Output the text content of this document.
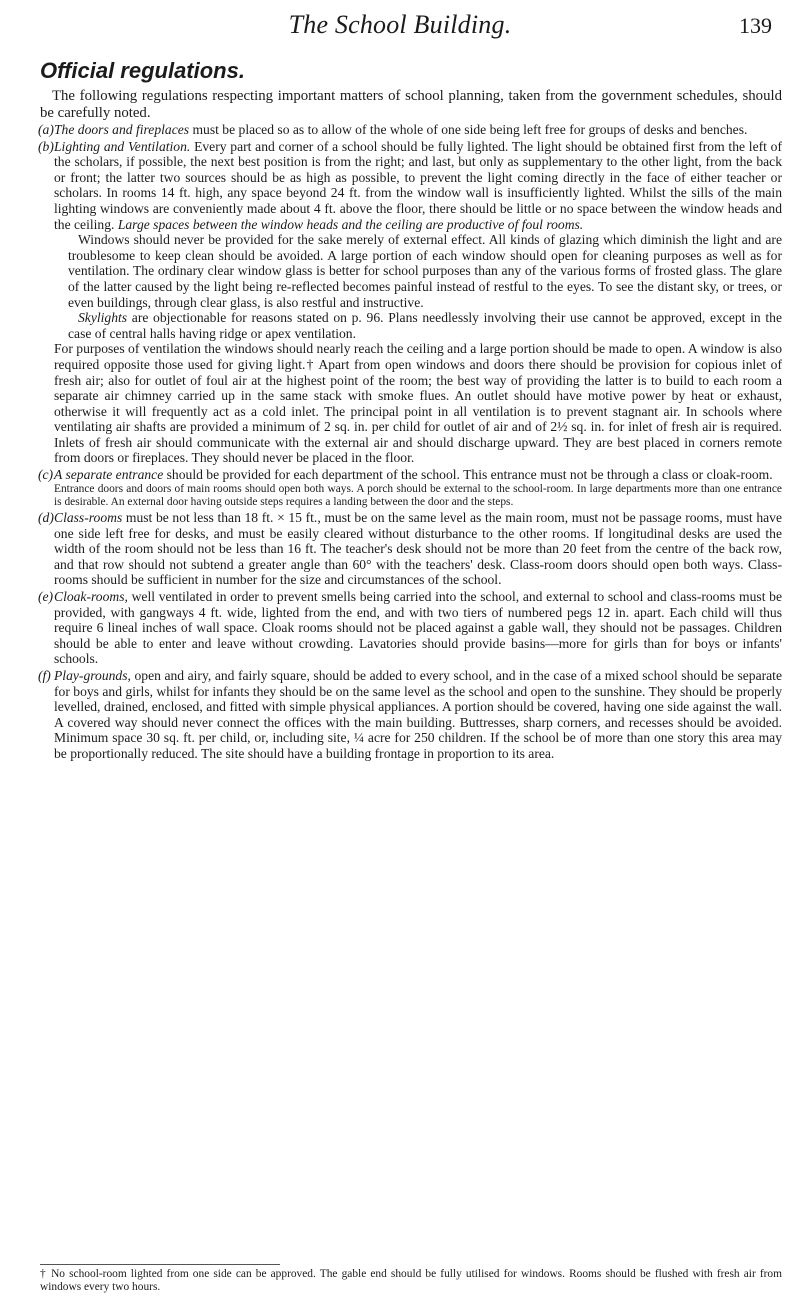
The School Building.	139
Official regulations.

The following regulations respecting important matters of school planning, taken from the government schedules, should be carefully noted.

(a) The doors and fireplaces must be placed so as to allow of the whole of one side being left free for groups of desks and benches.

(b) Lighting and Ventilation. Every part and corner of a school should be fully lighted. The light should be obtained first from the left of the scholars, if possible, the next best position is from the right; and last, but only as supplementary to the other light, from the back or front; the latter two sources should be as high as possible, to prevent the light coming directly in the face of either teacher or scholars. In rooms 14 ft. high, any space beyond 24 ft. from the window wall is insufficiently lighted. Whilst the sills of the main lighting windows are conveniently made about 4 ft. above the floor, there should be little or no space between the window heads and the ceiling. Large spaces between the window heads and the ceiling are productive of foul rooms.

Windows should never be provided for the sake merely of external effect. All kinds of glazing which diminish the light and are troublesome to keep clean should be avoided. A large portion of each window should open for cleaning purposes as well as for ventilation. The ordinary clear window glass is better for school purposes than any of the various forms of frosted glass. The glare of the latter caused by the light being re-reflected becomes painful instead of restful to the eyes. To see the distant sky, or trees, or even buildings, through clear glass, is also restful and instructive.

Skylights are objectionable for reasons stated on p. 96. Plans needlessly involving their use cannot be approved, except in the case of central halls having ridge or apex ventilation.

For purposes of ventilation the windows should nearly reach the ceiling and a large portion should be made to open. A window is also required opposite those used for giving light.† Apart from open windows and doors there should be provision for copious inlet of fresh air; also for outlet of foul air at the highest point of the room; the best way of providing the latter is to build to each room a separate air chimney carried up in the same stack with smoke flues. An outlet should have motive power by heat or exhaust, otherwise it will frequently act as a cold inlet. The principal point in all ventilation is to prevent stagnant air. In schools where ventilating air shafts are provided a minimum of 2 sq. in. per child for outlet of air and of 2½ sq. in. for inlet of fresh air is required. Inlets of fresh air should communicate with the external air and should discharge upward. They are best placed in corners remote from doors or fireplaces. They should never be placed in the floor.

(c) A separate entrance should be provided for each department of the school. This entrance must not be through a class or cloak-room.

Entrance doors and doors of main rooms should open both ways. A porch should be external to the school-room. In large departments more than one entrance is desirable. An external door having outside steps requires a landing between the door and the steps.

(d) Class-rooms must be not less than 18 ft. × 15 ft., must be on the same level as the main room, must not be passage rooms, must have one side left free for desks, and must be easily cleared without disturbance to the other rooms. If longitudinal desks are used the width of the room should not be less than 16 ft. The teacher's desk should not be more than 20 feet from the centre of the back row, and that row should not subtend a greater angle than 60° with the teachers' desk. Class-room doors should open both ways. Class-rooms should be sufficient in number for the size and circumstances of the school.

(e) Cloak-rooms, well ventilated in order to prevent smells being carried into the school, and external to school and class-rooms must be provided, with gangways 4 ft. wide, lighted from the end, and with two tiers of numbered pegs 12 in. apart. Each child will thus require 6 lineal inches of wall space. Cloak rooms should not be placed against a gable wall, they should not be passages. Children should be able to enter and leave without crowding. Lavatories should provide basins—more for girls than for boys or infants' schools.

(f) Play-grounds, open and airy, and fairly square, should be added to every school, and in the case of a mixed school should be separate for boys and girls, whilst for infants they should be on the same level as the school and open to the sunshine. They should be properly levelled, drained, enclosed, and fitted with simple physical appliances. A portion should be covered, having one side against the wall. A covered way should never connect the offices with the main building. Buttresses, sharp corners, and recesses should be avoided. Minimum space 30 sq. ft. per child, or, including site, ¼ acre for 250 children. If the school be of more than one story this area may be proportionally reduced. The site should have a building frontage in proportion to its area.

† No school-room lighted from one side can be approved. The gable end should be fully utilised for windows. Rooms should be flushed with fresh air from windows every two hours.
